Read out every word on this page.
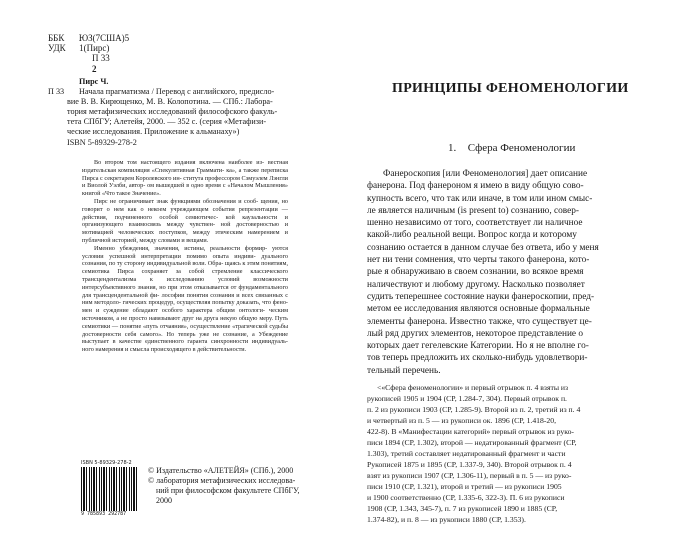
ББК ЮЗ(7США)5
УДК 1(Пирс)
П 33
2
Пирс Ч.
П 33	Начала прагматизма / Перевод с английского, предисло-
вие В. В. Кирющенко, М. В. Колопотина. — СПб.: Лабора-
тория метафизических исследований философского факуль-
тета СПбГУ; Алетейя, 2000. — 352 с. (серия «Метафизи-
ческие исследования. Приложение к альманаху»)
ISBN 5-89329-278-2

Во втором том настоящего издания включена наиболее из- вестная издательская компиляция «Спекулятивная Граммати- ка», а также переписка Пирса с секретарем Королевского ин- ститута профессором Сэмуэлем Лэнгли и Виолой Уэлби, автор- ом вышедшей в одно время с «Началом Мышления» книгой «Что такое Значение».

Пирс не ограничивает знак функциями обозначения и сооб- щения, но говорит о нем как о некоем учреждающем события репрезентации — действия, подчиненного особой семиотичес- кой каузальности и организующего взаимосвязь между чувствен- ной достоверностью и мотивацией человеческих поступков, между этическим намерением и публичной историей, между словами и вещами.

Именно убеждения, значения, истины, реальности формир- уются условии успешной интерпретации помимо опыта индиви- дуального сознания, по ту сторону индивидуальной воли. Обра- щаясь к этим понятиям, семиотика Пирса сохраняет за собой стремление классического трансцендентализма к исследованию условий возможности интерсубъективного знания, но при этом отказывается от фундаментального для трансцендентальной фи- лософии понятия сознания и всех связанных с ним методоло- гических процедур, осуществляя попытку доказать, что фено- мен и суждение обладают особого характера общим онтологи- ческим источником, а не просто навязывают друг на друга некую общую меру. Путь семиотики — понятие «путь отчаяния», осуществление «трагической судьбы достоверности себя самого». Но теперь уже не сознание, а Убеждение выступает в качестве единственного гаранта синхронности индивидуаль- ного намерения и смысла происходящего в действительности.

ISBN 5-89329-278-2
9 785893 292787
© Издательство «АЛЕТЕЙЯ» (СПб.), 2000
© лаборатория метафизических исследова-
ний при философском факультете СПбГУ,
2000
ПРИНЦИПЫ ФЕНОМЕНОЛОГИИ
1. Сфера Феноменологии
Фанероскопия [или Феноменология] дает описание
фанерона. Под фанероном я имею в виду общую сово-
купность всего, что так или иначе, в том или ином смыс-
ле является наличным (is present to) сознанию, совер-
шенно независимо от того, соответствует ли наличное
какой-либо реальной вещи. Вопрос когда и которому
сознанию остается в данном случае без ответа, ибо у меня
нет ни тени сомнения, что черты такого фанерона, кото-
рые я обнаруживаю в своем сознании, во всякое время
наличествуют и любому другому. Насколько позволяет
судить теперешнее состояние науки фанероскопии, пред-
метом ее исследования являются основные формальные
элементы фанерона. Известно также, что существует це-
лый ряд других элементов, некоторое представление о
которых дает гегелевские Категории. Но я не вполне го-
тов теперь предложить их сколько-нибудь удовлетвори-
тельный перечень.
<«Сфера феноменологии» и первый отрывок п. 4 взяты из
рукописей 1905 и 1904 (CP, 1.284-7, 304). Первый отрывок п.
п. 2 из рукописи 1903 (CP, 1.285-9). Второй из п. 2, третий из п. 4
и четвертый из п. 5 — из рукописи ок. 1896 (CP, 1.418-20,
422-8). В «Манифестации категорий» первый отрывок из руко-
писи 1894 (CP, 1.302), второй — недатированный фрагмент (CP,
1.303), третий составляет недатированный фрагмент и части
Рукописей 1875 и 1895 (CP, 1.337-9, 340). Второй отрывок п. 4
взят из рукописи 1907 (CP, 1.306-11), первый в п. 5 — из руко-
писи 1910 (CP, 1.321), второй и третий — из рукописи 1905
и 1900 соответственно (CP, 1.335-6, 322-3). П. 6 из рукописи
1908 (CP, 1.343, 345-7), п. 7 из рукописей 1890 и 1885 (CP,
1.374-82), и п. 8 — из рукописи 1880 (CP, 1.353).
